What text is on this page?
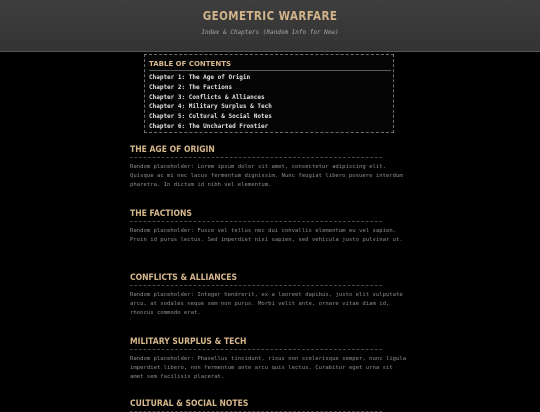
GEOMETRIC WARFARE
Index & Chapters (Random Info for Now)
TABLE OF CONTENTS
Chapter 1: The Age of Origin
Chapter 2: The Factions
Chapter 3: Conflicts & Alliances
Chapter 4: Military Surplus & Tech
Chapter 5: Cultural & Social Notes
Chapter 6: The Uncharted Frontier
THE AGE OF ORIGIN

Random placeholder: Lorem ipsum dolor sit amet, consectetur adipiscing elit. Quisque ac mi nec lacus fermentum dignissim. Nunc feugiat libero posuere interdum pharetra. In dictum id nibh vel elementum.

THE FACTIONS

Random placeholder: Fusce vel tellus nec dui convallis elementum eu vel sapien. Proin id purus lectus. Sed imperdiet nisi sapien, sed vehicula justo pulvinar ut.

CONFLICTS & ALLIANCES

Random placeholder: Integer hendrerit, ex a laoreet dapibus, justo elit vulputate arcu, at sodales neque sem non purus. Morbi velit ante, ornare vitae diam id, rhoncus commodo erat.

MILITARY SURPLUS & TECH

Random placeholder: Phasellus tincidunt, risus non scelerisque semper, nunc ligula imperdiet libero, non fermentum ante arcu quis lectus. Curabitur eget urna sit amet sem facilisis placerat.

CULTURAL & SOCIAL NOTES
